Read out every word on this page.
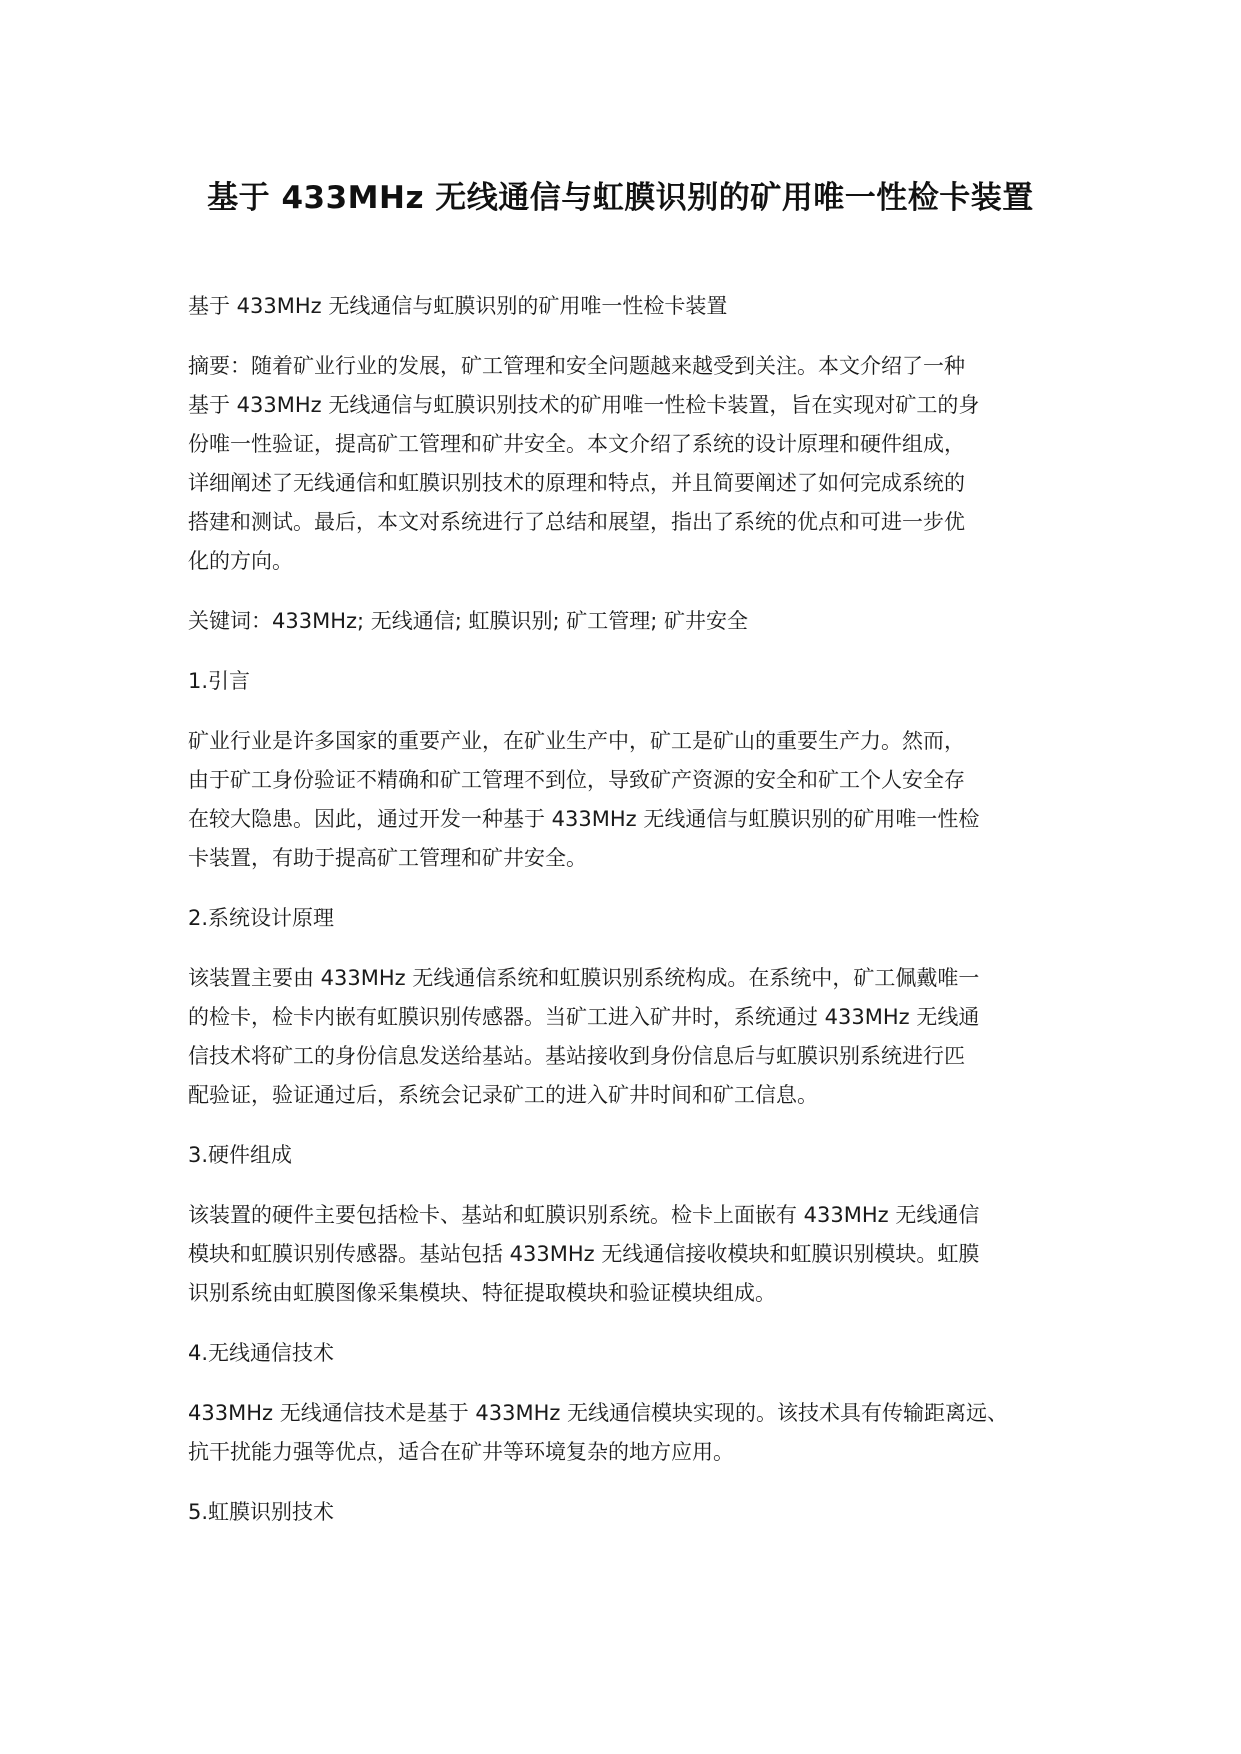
基于 433MHz 无线通信与虹膜识别的矿用唯一性检卡装置

基于 433MHz 无线通信与虹膜识别的矿用唯一性检卡装置

摘要：随着矿业行业的发展，矿工管理和安全问题越来越受到关注。本文介绍了一种

基于 433MHz 无线通信与虹膜识别技术的矿用唯一性检卡装置，旨在实现对矿工的身

份唯一性验证，提高矿工管理和矿井安全。本文介绍了系统的设计原理和硬件组成，

详细阐述了无线通信和虹膜识别技术的原理和特点，并且简要阐述了如何完成系统的

搭建和测试。最后，本文对系统进行了总结和展望，指出了系统的优点和可进一步优

化的方向。

关键词：433MHz; 无线通信; 虹膜识别; 矿工管理; 矿井安全

1.引言

矿业行业是许多国家的重要产业，在矿业生产中，矿工是矿山的重要生产力。然而，

由于矿工身份验证不精确和矿工管理不到位，导致矿产资源的安全和矿工个人安全存

在较大隐患。因此，通过开发一种基于 433MHz 无线通信与虹膜识别的矿用唯一性检

卡装置，有助于提高矿工管理和矿井安全。

2.系统设计原理

该装置主要由 433MHz 无线通信系统和虹膜识别系统构成。在系统中，矿工佩戴唯一

的检卡，检卡内嵌有虹膜识别传感器。当矿工进入矿井时，系统通过 433MHz 无线通

信技术将矿工的身份信息发送给基站。基站接收到身份信息后与虹膜识别系统进行匹

配验证，验证通过后，系统会记录矿工的进入矿井时间和矿工信息。

3.硬件组成

该装置的硬件主要包括检卡、基站和虹膜识别系统。检卡上面嵌有 433MHz 无线通信

模块和虹膜识别传感器。基站包括 433MHz 无线通信接收模块和虹膜识别模块。虹膜

识别系统由虹膜图像采集模块、特征提取模块和验证模块组成。

4.无线通信技术

433MHz 无线通信技术是基于 433MHz 无线通信模块实现的。该技术具有传输距离远、

抗干扰能力强等优点，适合在矿井等环境复杂的地方应用。

5.虹膜识别技术
